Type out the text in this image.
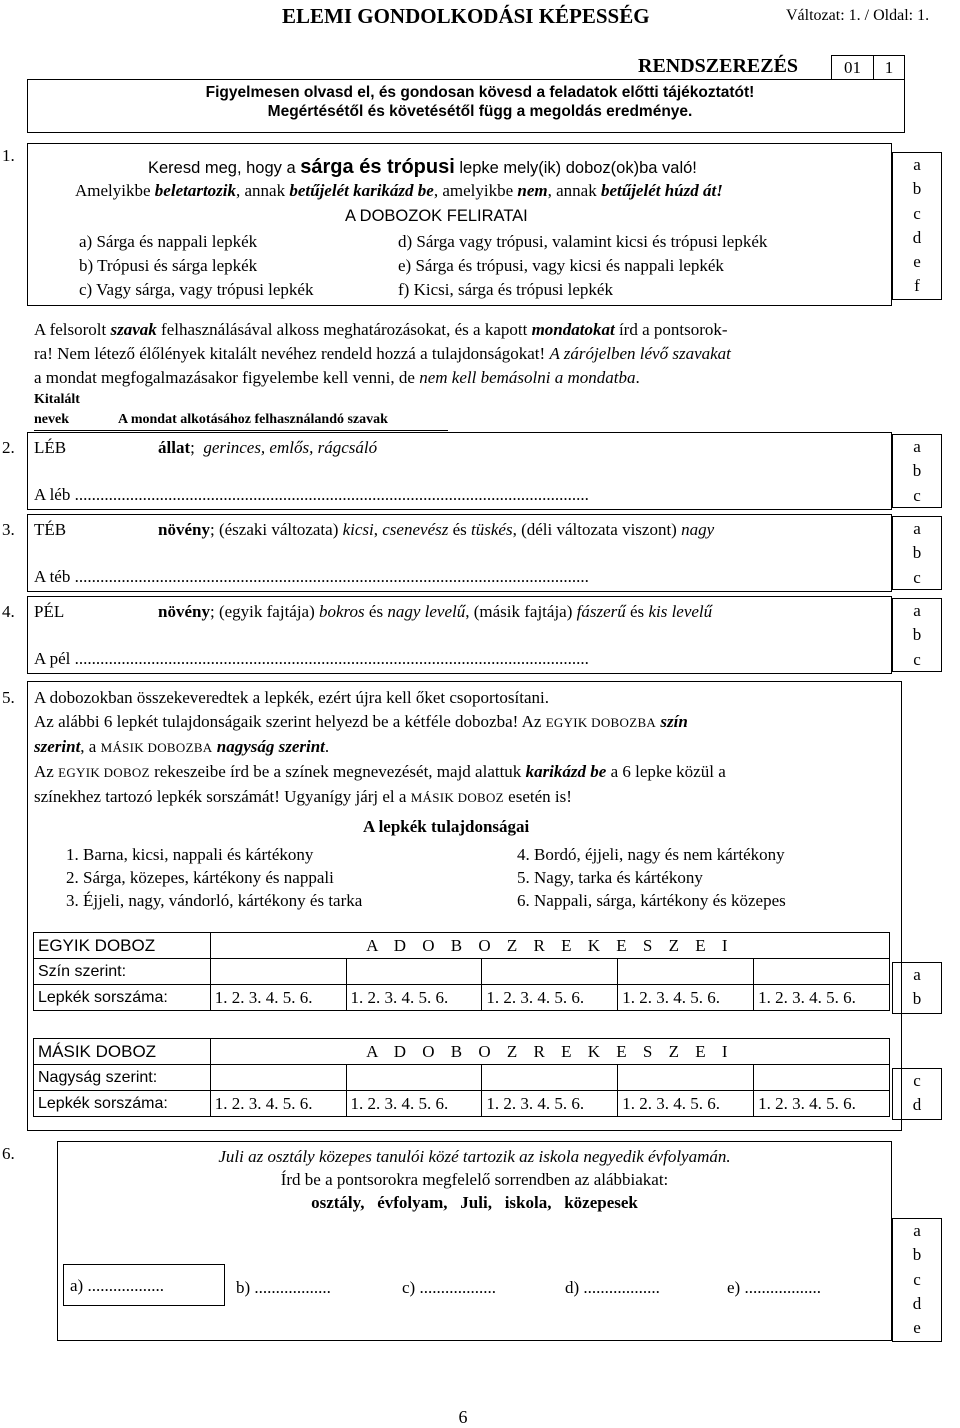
ELEMI GONDOLKODÁSI KÉPESSÉG	Változat: 1. / Oldal: 1.
RENDSZEREZÉS	01	1
Figyelmesen olvasd el, és gondosan kövesd a feladatok előtti tájékoztatót!
Megértésétől és követésétől függ a megoldás eredménye.
1.
Keresd meg, hogy a sárga és trópusi lepke mely(ik) doboz(ok)ba való!
Amelyikbe beletartozik, annak betűjelét karikázd be, amelyikbe nem, annak betűjelét húzd át!
A DOBOZOK FELIRATAI
a) Sárga és nappali lepkék
b) Trópusi és sárga lepkék
c) Vagy sárga, vagy trópusi lepkék
d) Sárga vagy trópusi, valamint kicsi és trópusi lepkék
e) Sárga és trópusi, vagy kicsi és nappali lepkék
f) Kicsi, sárga és trópusi lepkék
a
b
c
d
e
f
A felsorolt szavak felhasználásával alkoss meghatározásokat, és a kapott mondatokat írd a pontsorok-
ra! Nem létező élőlények kitalált nevéhez rendeld hozzá a tulajdonságokat! A zárójelben lévő szavakat
a mondat megfogalmazásakor figyelembe kell venni, de nem kell bemásolni a mondatba.
Kitalált
nevek	A mondat alkotásához felhasználandó szavak
2. LÉB	állat;  gerinces, emlős, rágcsáló
A léb .........................................................................................................................
a
b
c
3. TÉB	növény; (északi változata) kicsi, csenevész és tüskés, (déli változata viszont) nagy
A téb .........................................................................................................................
a
b
c
4. PÉL	növény; (egyik fajtája) bokros és nagy levelű, (másik fajtája) fászerű és kis levelű
A pél .........................................................................................................................
a
b
c
5. A dobozokban összekeveredtek a lepkék, ezért újra kell őket csoportosítani.
Az alábbi 6 lepkét tulajdonságaik szerint helyezd be a kétféle dobozba! Az EGYIK DOBOZBA szín
szerint, a MÁSIK DOBOZBA nagyság szerint.
Az EGYIK DOBOZ rekeszeibe írd be a színek megnevezését, majd alattuk karikázd be a 6 lepke közül a
színekhez tartozó lepkék sorszámát! Ugyanígy járj el a MÁSIK DOBOZ esetén is!
A lepkék tulajdonságai
1. Barna, kicsi, nappali és kártékony
2. Sárga, közepes, kártékony és nappali
3. Éjjeli, nagy, vándorló, kártékony és tarka
4. Bordó, éjjeli, nagy és nem kártékony
5. Nagy, tarka és kártékony
6. Nappali, sárga, kártékony és közepes
EGYIK DOBOZ	A D O B O Z R E K E S Z E I				
Szín szerint:					
Lepkék sorszáma:	1. 2. 3. 4. 5. 6.	1. 2. 3. 4. 5. 6.	1. 2. 3. 4. 5. 6.	1. 2. 3. 4. 5. 6.	1. 2. 3. 4. 5. 6.
a
b
MÁSIK DOBOZ	A D O B O Z R E K E S Z E I				
Nagyság szerint:					
Lepkék sorszáma:	1. 2. 3. 4. 5. 6.	1. 2. 3. 4. 5. 6.	1. 2. 3. 4. 5. 6.	1. 2. 3. 4. 5. 6.	1. 2. 3. 4. 5. 6.
c
d
6.	Juli az osztály közepes tanulói közé tartozik az iskola negyedik évfolyamán.
Írd be a pontsorokra megfelelő sorrendben az alábbiakat:
osztály,   évfolyam,   Juli,   iskola,   közepesek
a) ..................	b) ..................	c) ..................	d) ..................	e) ..................
a
b
c
d
e
6
